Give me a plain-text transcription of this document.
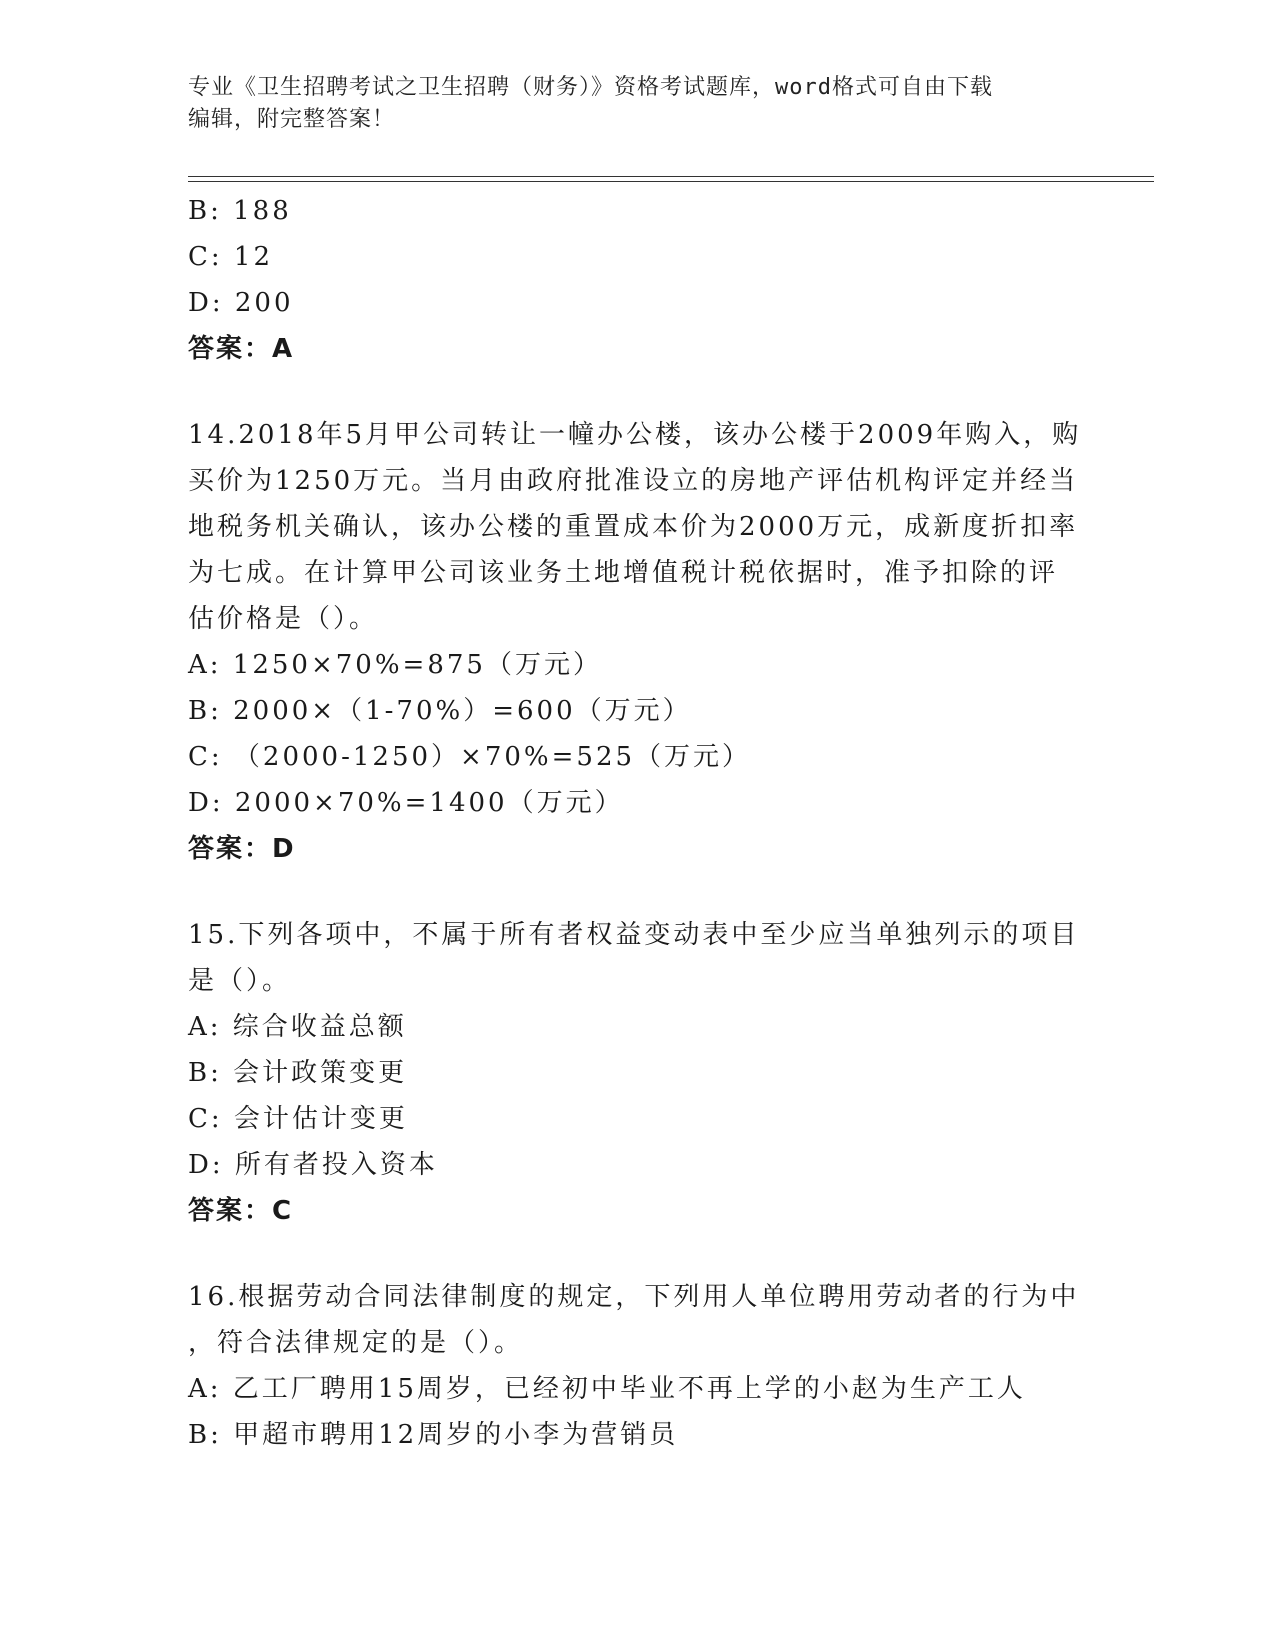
专业《卫生招聘考试之卫生招聘（财务）》资格考试题库，word格式可自由下载
编辑，附完整答案！
B: 188
C: 12
D: 200
答案：A
14.2018年5月甲公司转让一幢办公楼，该办公楼于2009年购入，购
买价为1250万元。当月由政府批准设立的房地产评估机构评定并经当
地税务机关确认，该办公楼的重置成本价为2000万元，成新度折扣率
为七成。在计算甲公司该业务土地增值税计税依据时，准予扣除的评
估价格是（）。
A: 1250×70%=875（万元）
B: 2000×（1-70%）=600（万元）
C: （2000-1250）×70%=525（万元）
D: 2000×70%=1400（万元）
答案：D
15.下列各项中，不属于所有者权益变动表中至少应当单独列示的项目
是（）。
A: 综合收益总额
B: 会计政策变更
C: 会计估计变更
D: 所有者投入资本
答案：C
16.根据劳动合同法律制度的规定，下列用人单位聘用劳动者的行为中
，符合法律规定的是（）。
A: 乙工厂聘用15周岁，已经初中毕业不再上学的小赵为生产工人
B: 甲超市聘用12周岁的小李为营销员
